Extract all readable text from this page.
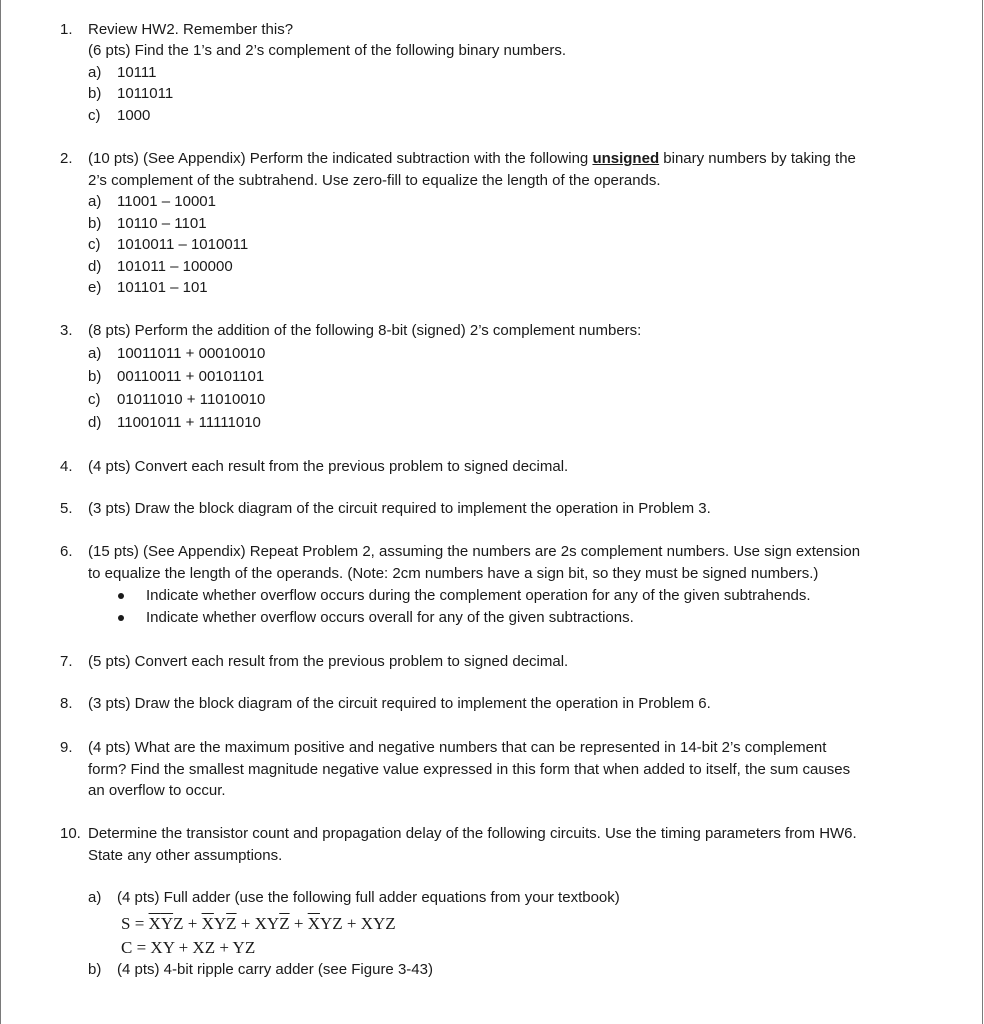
1. Review HW2. Remember this?
(6 pts) Find the 1’s and 2’s complement of the following binary numbers.
a) 10111
b) 1011011
c) 1000
2. (10 pts) (See Appendix) Perform the indicated subtraction with the following unsigned binary numbers by taking the
2’s complement of the subtrahend. Use zero-fill to equalize the length of the operands.
a) 11001 – 10001
b) 10110 – 1101
c) 1010011 – 1010011
d) 101011 – 100000
e) 101101 – 101
3. (8 pts) Perform the addition of the following 8-bit (signed) 2’s complement numbers:
a) 10011011 + 00010010
b) 00110011 + 00101101
c) 01011010 + 11010010
d) 11001011 + 11111010
4. (4 pts) Convert each result from the previous problem to signed decimal.
5. (3 pts) Draw the block diagram of the circuit required to implement the operation in Problem 3.
6. (15 pts) (See Appendix) Repeat Problem 2, assuming the numbers are 2s complement numbers. Use sign extension
to equalize the length of the operands. (Note: 2cm numbers have a sign bit, so they must be signed numbers.)
Indicate whether overflow occurs during the complement operation for any of the given subtrahends.
Indicate whether overflow occurs overall for any of the given subtractions.
7. (5 pts) Convert each result from the previous problem to signed decimal.
8. (3 pts) Draw the block diagram of the circuit required to implement the operation in Problem 6.
9. (4 pts) What are the maximum positive and negative numbers that can be represented in 14-bit 2’s complement
form? Find the smallest magnitude negative value expressed in this form that when added to itself, the sum causes
an overflow to occur.
10. Determine the transistor count and propagation delay of the following circuits. Use the timing parameters from HW6.
State any other assumptions.
a) (4 pts) Full adder (use the following full adder equations from your textbook)
$S = \overline{X}\overline{Y}Z + \overline{X}Y\overline{Z} + XY\overline{Z} + \overline{X}YZ$ + XYZ
C = XY + XZ + YZ
b) (4 pts) 4-bit ripple carry adder (see Figure 3-43)
